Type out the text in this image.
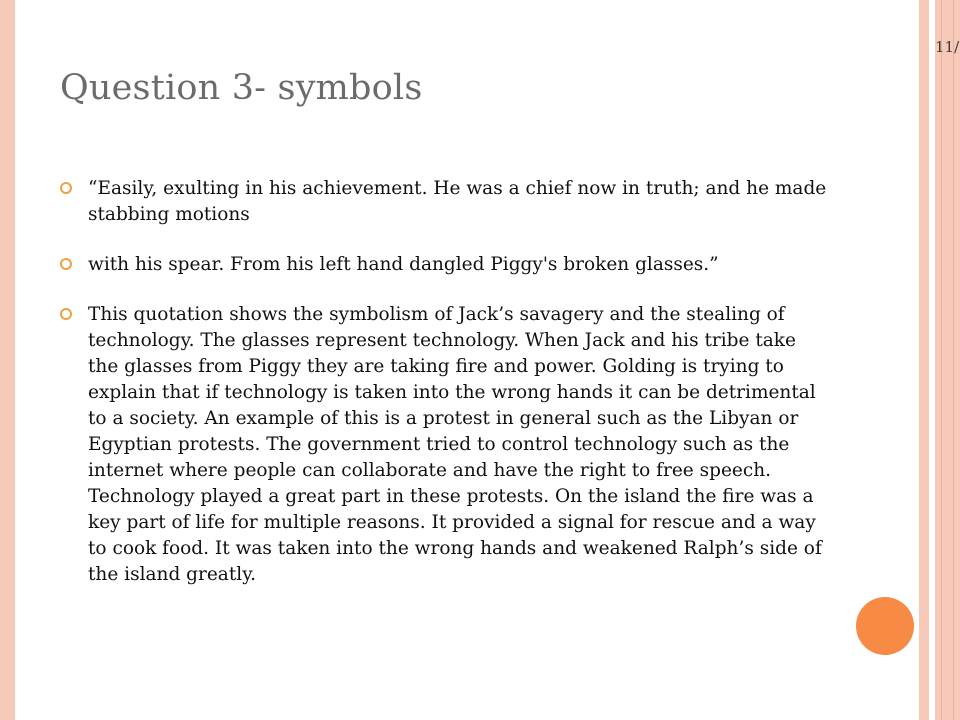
11/
Question 3- symbols
“Easily, exulting in his achievement. He was a chief now in truth; and he made stabbing motions
with his spear. From his left hand dangled Piggy's broken glasses.”
This quotation shows the symbolism of Jack’s savagery and the stealing of technology. The glasses represent technology. When Jack and his tribe take the glasses from Piggy they are taking fire and power. Golding is trying to explain that if technology is taken into the wrong hands it can be detrimental to a society. An example of this is a protest in general such as the Libyan or Egyptian protests. The government tried to control technology such as the internet where people can collaborate and have the right to free speech. Technology played a great part in these protests. On the island the fire was a key part of life for multiple reasons. It provided a signal for rescue and a way to cook food. It was taken into the wrong hands and weakened Ralph’s side of the island greatly.
